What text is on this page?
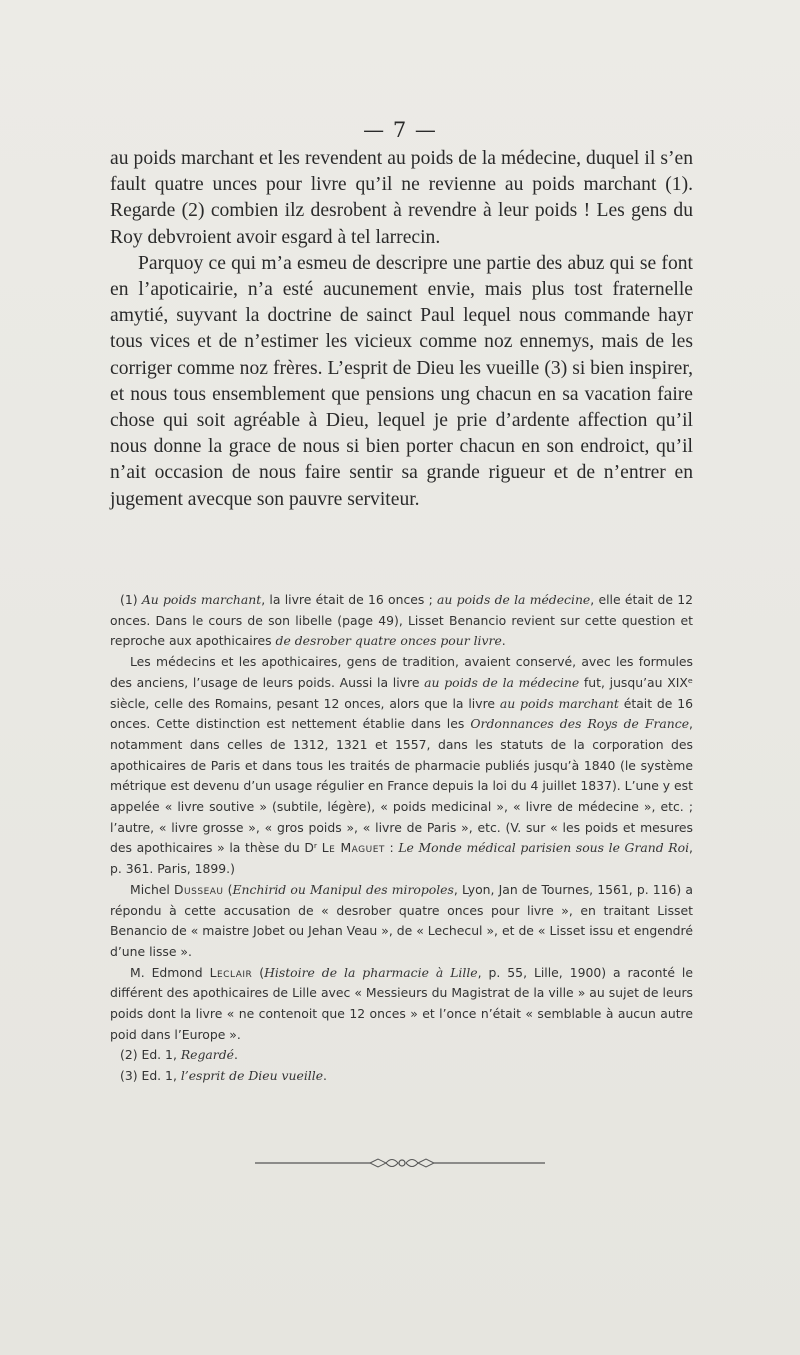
— 7 —

au poids marchant et les revendent au poids de la médecine, duquel il s’en fault quatre unces pour livre qu’il ne revienne au poids marchant (1). Regarde (2) combien ilz desrobent à revendre à leur poids ! Les gens du Roy debvroient avoir esgard à tel larrecin.

Parquoy ce qui m’a esmeu de descripre une partie des abuz qui se font en l’apoticairie, n’a esté aucunement envie, mais plus tost fraternelle amytié, suyvant la doctrine de sainct Paul lequel nous commande hayr tous vices et de n’estimer les vicieux comme noz ennemys, mais de les corriger comme noz frères. L’esprit de Dieu les vueille (3) si bien inspirer, et nous tous ensemblement que pensions ung chacun en sa vacation faire chose qui soit agréable à Dieu, lequel je prie d’ardente affection qu’il nous donne la grace de nous si bien porter chacun en son endroict, qu’il n’ait occasion de nous faire sentir sa grande rigueur et de n’entrer en jugement avecque son pauvre serviteur.

(1) Au poids marchant, la livre était de 16 onces ; au poids de la médecine, elle était de 12 onces. Dans le cours de son libelle (page 49), Lisset Benancio revient sur cette question et reproche aux apothicaires de desrober quatre onces pour livre.

Les médecins et les apothicaires, gens de tradition, avaient conservé, avec les formules des anciens, l’usage de leurs poids. Aussi la livre au poids de la médecine fut, jusqu’au XIXᵉ siècle, celle des Romains, pesant 12 onces, alors que la livre au poids marchant était de 16 onces. Cette distinction est nettement établie dans les Ordonnances des Roys de France, notamment dans celles de 1312, 1321 et 1557, dans les statuts de la corporation des apothicaires de Paris et dans tous les traités de pharmacie publiés jusqu’à 1840 (le système métrique est devenu d’un usage régulier en France depuis la loi du 4 juillet 1837). L’une y est appelée « livre soutive » (subtile, légère), « poids medicinal », « livre de médecine », etc. ; l’autre, « livre grosse », « gros poids », « livre de Paris », etc. (V. sur « les poids et mesures des apothicaires » la thèse du Dʳ Le Maguet : Le Monde médical parisien sous le Grand Roi, p. 361. Paris, 1899.)

Michel Dusseau (Enchirid ou Manipul des miropoles, Lyon, Jan de Tournes, 1561, p. 116) a répondu à cette accusation de « desrober quatre onces pour livre », en traitant Lisset Benancio de « maistre Jobet ou Jehan Veau », de « Lechecul », et de « Lisset issu et engendré d’une lisse ».

M. Edmond Leclair (Histoire de la pharmacie à Lille, p. 55, Lille, 1900) a raconté le différent des apothicaires de Lille avec « Messieurs du Magistrat de la ville » au sujet de leurs poids dont la livre « ne contenoit que 12 onces » et l’once n’était « semblable à aucun autre poid dans l’Europe ».

(2) Ed. 1, Regardé.

(3) Ed. 1, l’esprit de Dieu vueille.
